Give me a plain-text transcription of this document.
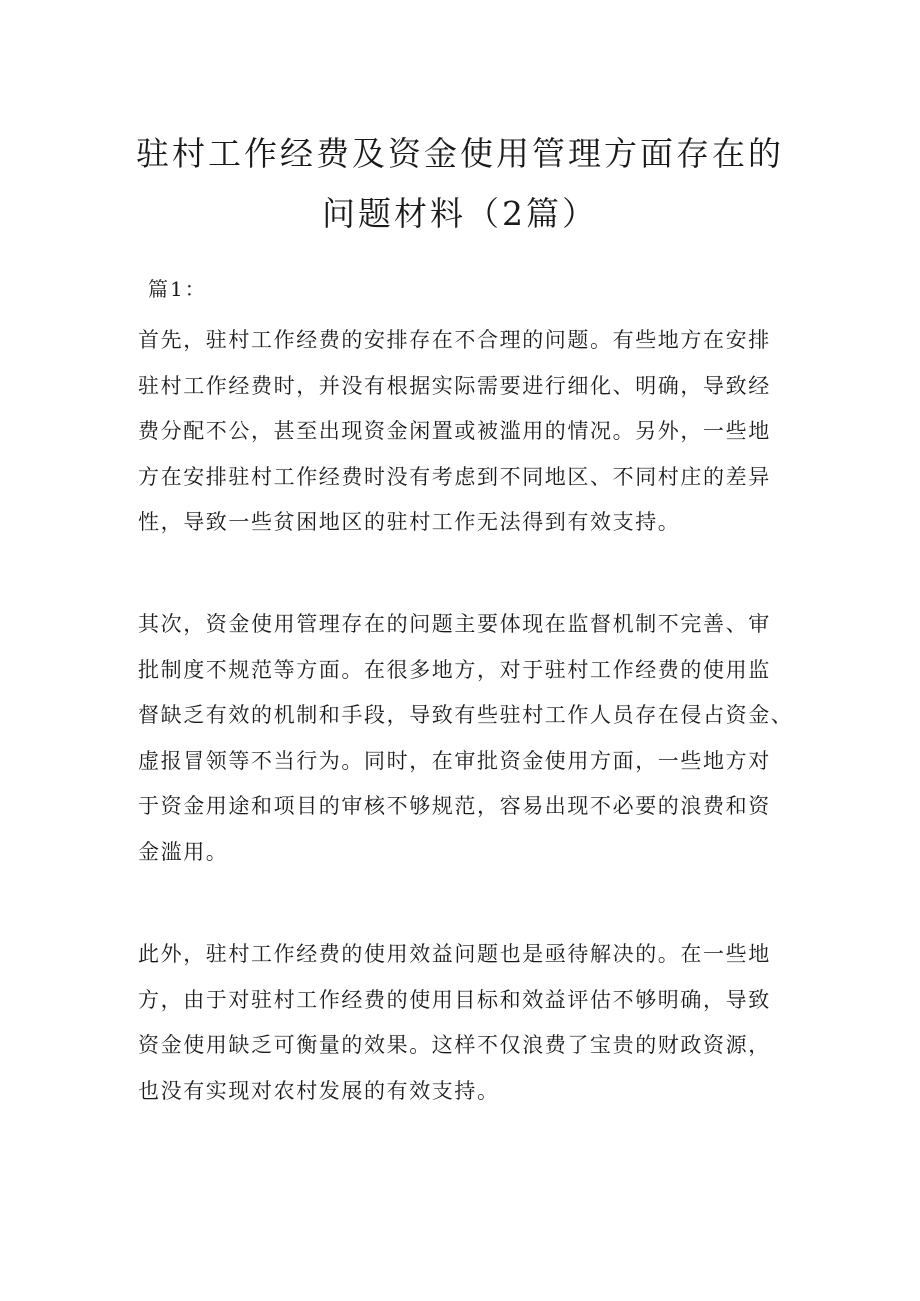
驻村工作经费及资金使用管理方面存在的
问题材料（2篇）

篇1：

首先，驻村工作经费的安排存在不合理的问题。有些地方在安排
驻村工作经费时，并没有根据实际需要进行细化、明确，导致经
费分配不公，甚至出现资金闲置或被滥用的情况。另外，一些地
方在安排驻村工作经费时没有考虑到不同地区、不同村庄的差异
性，导致一些贫困地区的驻村工作无法得到有效支持。

其次，资金使用管理存在的问题主要体现在监督机制不完善、审
批制度不规范等方面。在很多地方，对于驻村工作经费的使用监
督缺乏有效的机制和手段，导致有些驻村工作人员存在侵占资金、
虚报冒领等不当行为。同时，在审批资金使用方面，一些地方对
于资金用途和项目的审核不够规范，容易出现不必要的浪费和资
金滥用。

此外，驻村工作经费的使用效益问题也是亟待解决的。在一些地
方，由于对驻村工作经费的使用目标和效益评估不够明确，导致
资金使用缺乏可衡量的效果。这样不仅浪费了宝贵的财政资源，
也没有实现对农村发展的有效支持。
